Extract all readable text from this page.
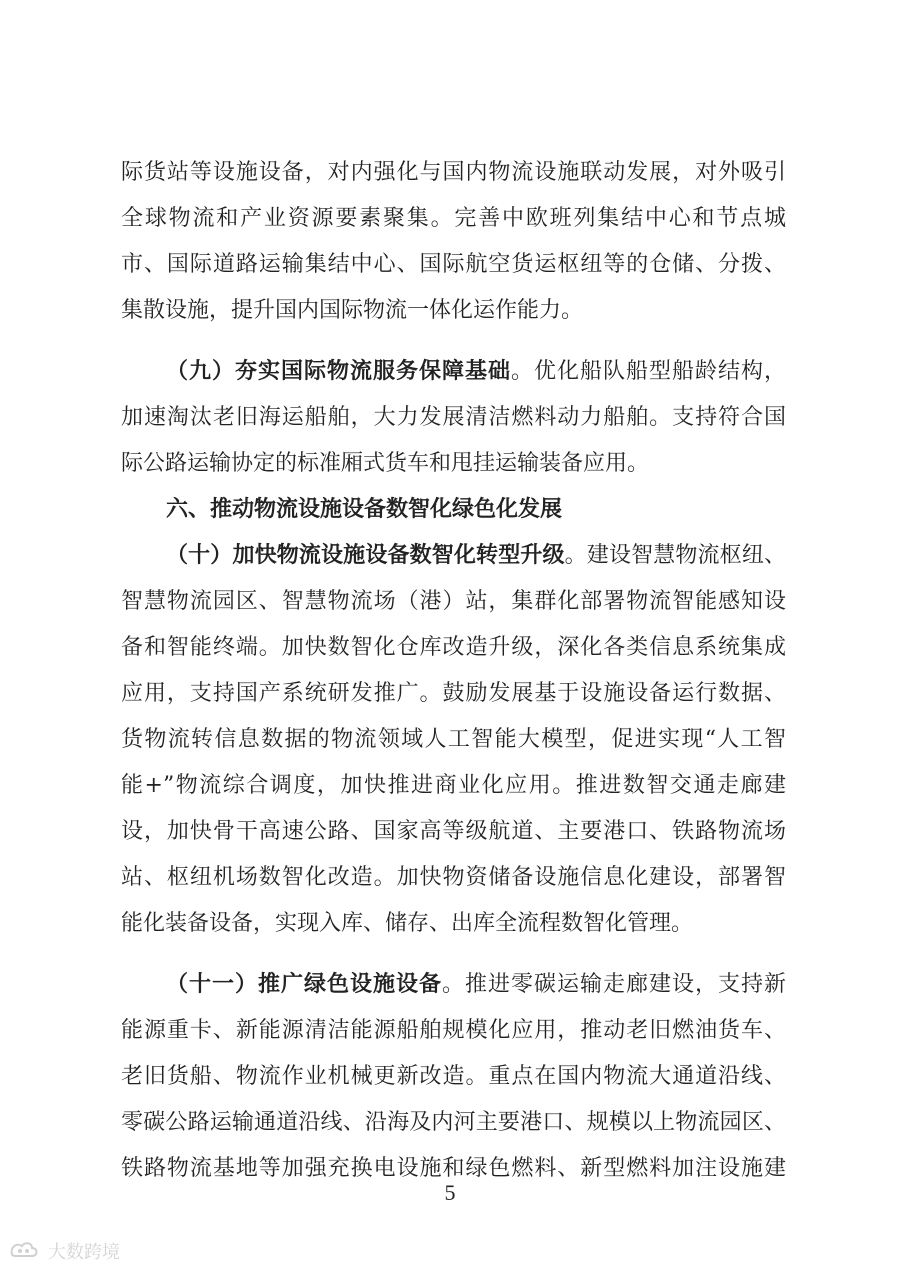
际货站等设施设备，对内强化与国内物流设施联动发展，对外吸引
全球物流和产业资源要素聚集。完善中欧班列集结中心和节点城
市、国际道路运输集结中心、国际航空货运枢纽等的仓储、分拨、
集散设施，提升国内国际物流一体化运作能力。
（九）夯实国际物流服务保障基础。优化船队船型船龄结构，
加速淘汰老旧海运船舶，大力发展清洁燃料动力船舶。支持符合国
际公路运输协定的标准厢式货车和甩挂运输装备应用。
六、推动物流设施设备数智化绿色化发展
（十）加快物流设施设备数智化转型升级。建设智慧物流枢纽、
智慧物流园区、智慧物流场（港）站，集群化部署物流智能感知设
备和智能终端。加快数智化仓库改造升级，深化各类信息系统集成
应用，支持国产系统研发推广。鼓励发展基于设施设备运行数据、
货物流转信息数据的物流领域人工智能大模型，促进实现“人工智
能+”物流综合调度，加快推进商业化应用。推进数智交通走廊建
设，加快骨干高速公路、国家高等级航道、主要港口、铁路物流场
站、枢纽机场数智化改造。加快物资储备设施信息化建设，部署智
能化装备设备，实现入库、储存、出库全流程数智化管理。
（十一）推广绿色设施设备。推进零碳运输走廊建设，支持新
能源重卡、新能源清洁能源船舶规模化应用，推动老旧燃油货车、
老旧货船、物流作业机械更新改造。重点在国内物流大通道沿线、
零碳公路运输通道沿线、沿海及内河主要港口、规模以上物流园区、
铁路物流基地等加强充换电设施和绿色燃料、新型燃料加注设施建
5
大数跨境
